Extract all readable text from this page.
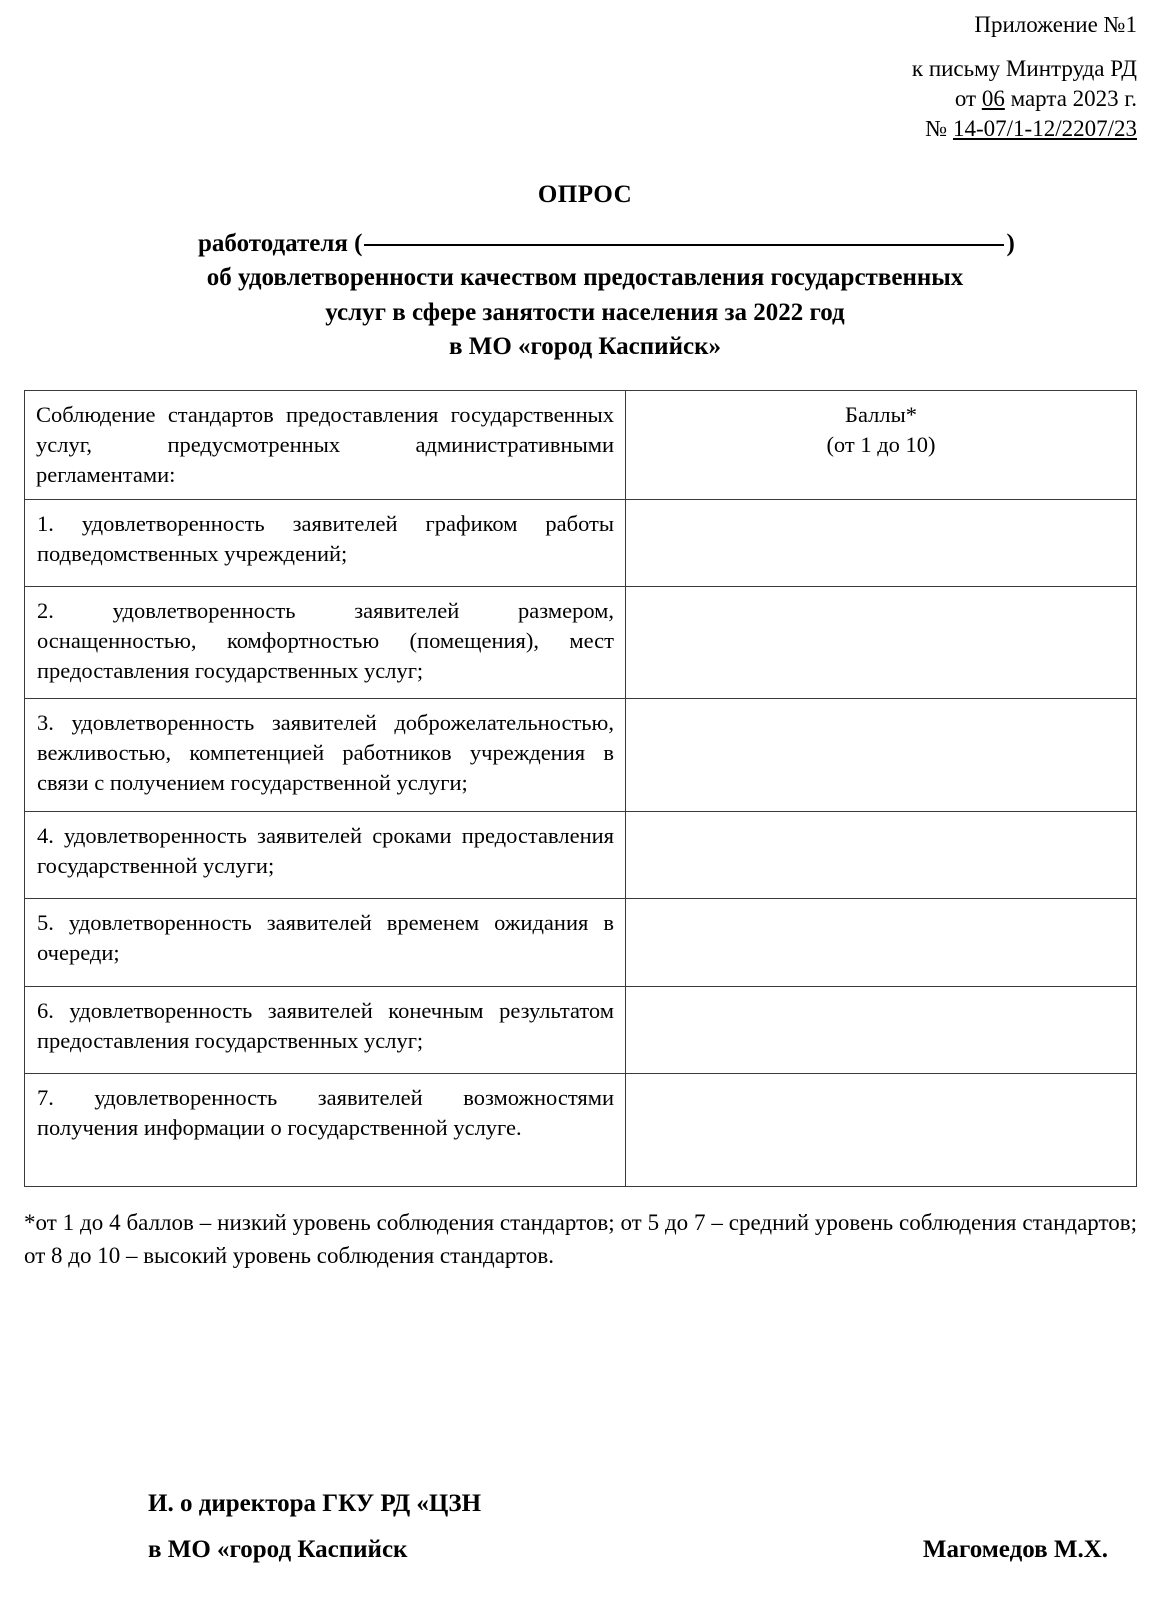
Приложение №1
к письму Минтруда РД
от 06 марта 2023 г.
№ 14-07/1-12/2207/23
ОПРОС
работодателя (	)
об удовлетворенности качеством предоставления государственных
услуг в сфере занятости населения за 2022 год
в МО «город Каспийск»
Соблюдение стандартов предоставления государственных услуг, предусмотренных административными регламентами:	Баллы*
(от 1 до 10)

1. удовлетворенность заявителей графиком работы подведомственных учреждений;	
2. удовлетворенность заявителей размером, оснащенностью, комфортностью (помещения), мест предоставления государственных услуг;	
3. удовлетворенность заявителей доброжелательностью, вежливостью, компетенцией работников учреждения в связи с получением государственной услуги;	
4. удовлетворенность заявителей сроками предоставления государственной услуги;	
5. удовлетворенность заявителей временем ожидания в очереди;	
6. удовлетворенность заявителей конечным результатом предоставления государственных услуг;	
7. удовлетворенность заявителей возможностями получения информации о государственной услуге.	
*от 1 до 4 баллов – низкий уровень соблюдения стандартов; от 5 до 7 – средний уровень соблюдения стандартов; от 8 до 10 – высокий уровень соблюдения стандартов.
И. о директора ГКУ РД «ЦЗН
в МО «город Каспийск	Магомедов М.Х.
